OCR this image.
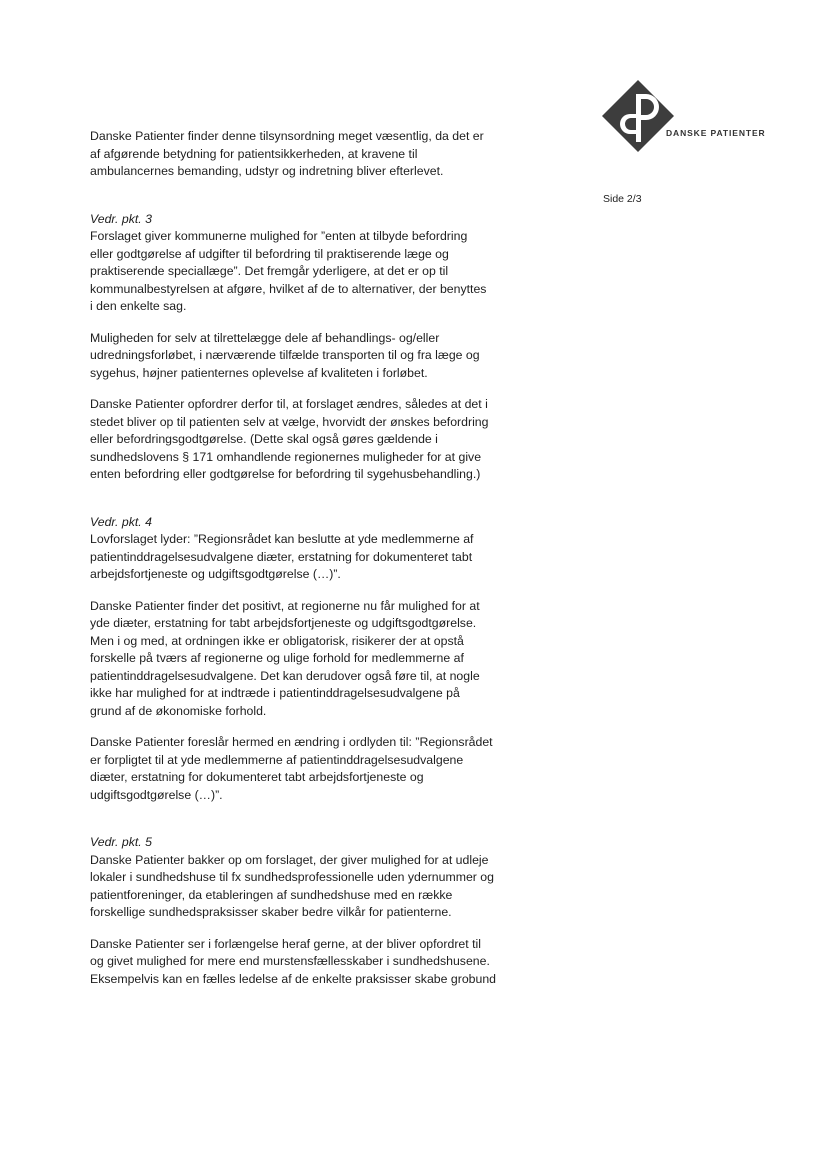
DANSKE PATIENTER
Side 2/3

Danske Patienter finder denne tilsynsordning meget væsentlig, da det er

af afgørende betydning for patientsikkerheden, at kravene til

ambulancernes bemanding, udstyr og indretning bliver efterlevet.

Vedr. pkt. 3

Forslaget giver kommunerne mulighed for ”enten at tilbyde befordring

eller godtgørelse af udgifter til befordring til praktiserende læge og

praktiserende speciallæge”. Det fremgår yderligere, at det er op til

kommunalbestyrelsen at afgøre, hvilket af de to alternativer, der benyttes

i den enkelte sag.

Muligheden for selv at tilrettelægge dele af behandlings- og/eller

udredningsforløbet, i nærværende tilfælde transporten til og fra læge og

sygehus, højner patienternes oplevelse af kvaliteten i forløbet.

Danske Patienter opfordrer derfor til, at forslaget ændres, således at det i

stedet bliver op til patienten selv at vælge, hvorvidt der ønskes befordring

eller befordringsgodtgørelse. (Dette skal også gøres gældende i

sundhedslovens § 171 omhandlende regionernes muligheder for at give

enten befordring eller godtgørelse for befordring til sygehusbehandling.)

Vedr. pkt. 4

Lovforslaget lyder: ”Regionsrådet kan beslutte at yde medlemmerne af

patientinddragelsesudvalgene diæter, erstatning for dokumenteret tabt

arbejdsfortjeneste og udgiftsgodtgørelse (…)”.

Danske Patienter finder det positivt, at regionerne nu får mulighed for at

yde diæter, erstatning for tabt arbejdsfortjeneste og udgiftsgodtgørelse.

Men i og med, at ordningen ikke er obligatorisk, risikerer der at opstå

forskelle på tværs af regionerne og ulige forhold for medlemmerne af

patientinddragelsesudvalgene. Det kan derudover også føre til, at nogle

ikke har mulighed for at indtræde i patientinddragelsesudvalgene på

grund af de økonomiske forhold.

Danske Patienter foreslår hermed en ændring i ordlyden til: ”Regionsrådet

er forpligtet til at yde medlemmerne af patientinddragelsesudvalgene

diæter, erstatning for dokumenteret tabt arbejdsfortjeneste og

udgiftsgodtgørelse (…)”.

Vedr. pkt. 5

Danske Patienter bakker op om forslaget, der giver mulighed for at udleje

lokaler i sundhedshuse til fx sundhedsprofessionelle uden ydernummer og

patientforeninger, da etableringen af sundhedshuse med en række

forskellige sundhedspraksisser skaber bedre vilkår for patienterne.

Danske Patienter ser i forlængelse heraf gerne, at der bliver opfordret til

og givet mulighed for mere end murstensfællesskaber i sundhedshusene.

Eksempelvis kan en fælles ledelse af de enkelte praksisser skabe grobund
